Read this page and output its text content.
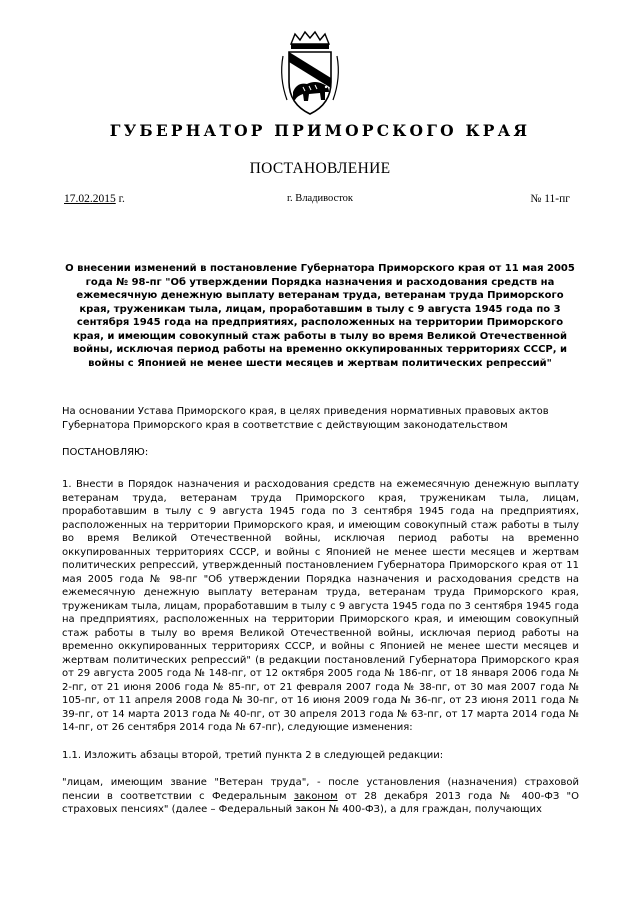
ГУБЕРНАТОР ПРИМОРСКОГО КРАЯ
ПОСТАНОВЛЕНИЕ
17.02.2015 г.	г. Владивосток	№ 11-пг
О внесении изменений в постановление Губернатора Приморского края от 11 мая 2005 года № 98-пг "Об утверждении Порядка назначения и расходования средств на ежемесячную денежную выплату ветеранам труда, ветеранам труда Приморского края, труженикам тыла, лицам, проработавшим в тылу с 9 августа 1945 года по 3 сентября 1945 года на предприятиях, расположенных на территории Приморского края, и имеющим совокупный стаж работы в тылу во время Великой Отечественной войны, исключая период работы на временно оккупированных территориях СССР, и войны с Японией не менее шести месяцев и жертвам политических репрессий"
На основании Устава Приморского края, в целях приведения нормативных правовых актов Губернатора Приморского края в соответствие с действующим законодательством
ПОСТАНОВЛЯЮ:
1. Внести в Порядок назначения и расходования средств на ежемесячную денежную выплату ветеранам труда, ветеранам труда Приморского края, труженикам тыла, лицам, проработавшим в тылу с 9 августа 1945 года по 3 сентября 1945 года на предприятиях, расположенных на территории Приморского края, и имеющим совокупный стаж работы в тылу во время Великой Отечественной войны, исключая период работы на временно оккупированных территориях СССР, и войны с Японией не менее шести месяцев и жертвам политических репрессий, утвержденный постановлением Губернатора Приморского края от 11 мая 2005 года № 98-пг "Об утверждении Порядка назначения и расходования средств на ежемесячную денежную выплату ветеранам труда, ветеранам труда Приморского края, труженикам тыла, лицам, проработавшим в тылу с 9 августа 1945 года по 3 сентября 1945 года на предприятиях, расположенных на территории Приморского края, и имеющим совокупный стаж работы в тылу во время Великой Отечественной войны, исключая период работы на временно оккупированных территориях СССР, и войны с Японией не менее шести месяцев и жертвам политических репрессий" (в редакции постановлений Губернатора Приморского края от 29 августа 2005 года № 148-пг, от 12 октября 2005 года № 186-пг, от 18 января 2006 года № 2-пг, от 21 июня 2006 года № 85-пг, от 21 февраля 2007 года № 38-пг, от 30 мая 2007 года № 105-пг, от 11 апреля 2008 года № 30-пг, от 16 июня 2009 года № 36-пг, от 23 июня 2011 года № 39-пг, от 14 марта 2013 года № 40-пг, от 30 апреля 2013 года № 63-пг, от 17 марта 2014 года № 14-пг, от 26 сентября 2014 года № 67-пг), следующие изменения:
1.1. Изложить абзацы второй, третий пункта 2 в следующей редакции:
"лицам, имеющим звание "Ветеран труда", - после установления (назначения) страховой пенсии в соответствии с Федеральным законом от 28 декабря 2013 года № 400-ФЗ "О страховых пенсиях" (далее – Федеральный закон № 400-ФЗ), а для граждан, получающих
